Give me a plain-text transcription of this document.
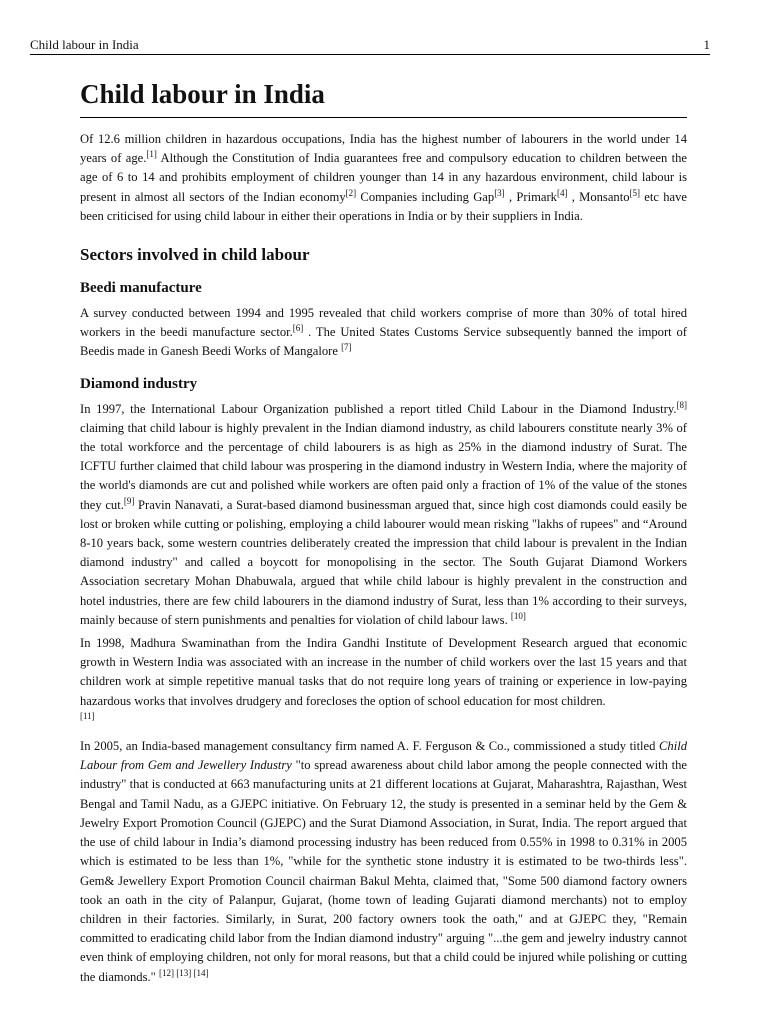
Child labour in India	1
Child labour in India

Of 12.6 million children in hazardous occupations, India has the highest number of labourers in the world under 14 years of age.[1] Although the Constitution of India guarantees free and compulsory education to children between the age of 6 to 14 and prohibits employment of children younger than 14 in any hazardous environment, child labour is present in almost all sectors of the Indian economy[2] Companies including Gap[3] , Primark[4] , Monsanto[5] etc have been criticised for using child labour in either their operations in India or by their suppliers in India.

Sectors involved in child labour
Beedi manufacture

A survey conducted between 1994 and 1995 revealed that child workers comprise of more than 30% of total hired workers in the beedi manufacture sector.[6] . The United States Customs Service subsequently banned the import of Beedis made in Ganesh Beedi Works of Mangalore [7]

Diamond industry

In 1997, the International Labour Organization published a report titled Child Labour in the Diamond Industry.[8] claiming that child labour is highly prevalent in the Indian diamond industry, as child labourers constitute nearly 3% of the total workforce and the percentage of child labourers is as high as 25% in the diamond industry of Surat. The ICFTU further claimed that child labour was prospering in the diamond industry in Western India, where the majority of the world's diamonds are cut and polished while workers are often paid only a fraction of 1% of the value of the stones they cut.[9] Pravin Nanavati, a Surat-based diamond businessman argued that, since high cost diamonds could easily be lost or broken while cutting or polishing, employing a child labourer would mean risking "lakhs of rupees" and “Around 8-10 years back, some western countries deliberately created the impression that child labour is prevalent in the Indian diamond industry" and called a boycott for monopolising in the sector. The South Gujarat Diamond Workers Association secretary Mohan Dhabuwala, argued that while child labour is highly prevalent in the construction and hotel industries, there are few child labourers in the diamond industry of Surat, less than 1% according to their surveys, mainly because of stern punishments and penalties for violation of child labour laws. [10]

In 1998, Madhura Swaminathan from the Indira Gandhi Institute of Development Research argued that economic growth in Western India was associated with an increase in the number of child workers over the last 15 years and that children work at simple repetitive manual tasks that do not require long years of training or experience in low-paying hazardous works that involves drudgery and forecloses the option of school education for most children.
[11]

In 2005, an India-based management consultancy firm named A. F. Ferguson & Co., commissioned a study titled Child Labour from Gem and Jewellery Industry "to spread awareness about child labor among the people connected with the industry" that is conducted at 663 manufacturing units at 21 different locations at Gujarat, Maharashtra, Rajasthan, West Bengal and Tamil Nadu, as a GJEPC initiative. On February 12, the study is presented in a seminar held by the Gem & Jewelry Export Promotion Council (GJEPC) and the Surat Diamond Association, in Surat, India. The report argued that the use of child labour in India’s diamond processing industry has been reduced from 0.55% in 1998 to 0.31% in 2005 which is estimated to be less than 1%, "while for the synthetic stone industry it is estimated to be two-thirds less". Gem& Jewellery Export Promotion Council chairman Bakul Mehta, claimed that, "Some 500 diamond factory owners took an oath in the city of Palanpur, Gujarat, (home town of leading Gujarati diamond merchants) not to employ children in their factories. Similarly, in Surat, 200 factory owners took the oath," and at GJEPC they, "Remain committed to eradicating child labor from the Indian diamond industry" arguing "...the gem and jewelry industry cannot even think of employing children, not only for moral reasons, but that a child could be injured while polishing or cutting the diamonds." [12] [13] [14]
